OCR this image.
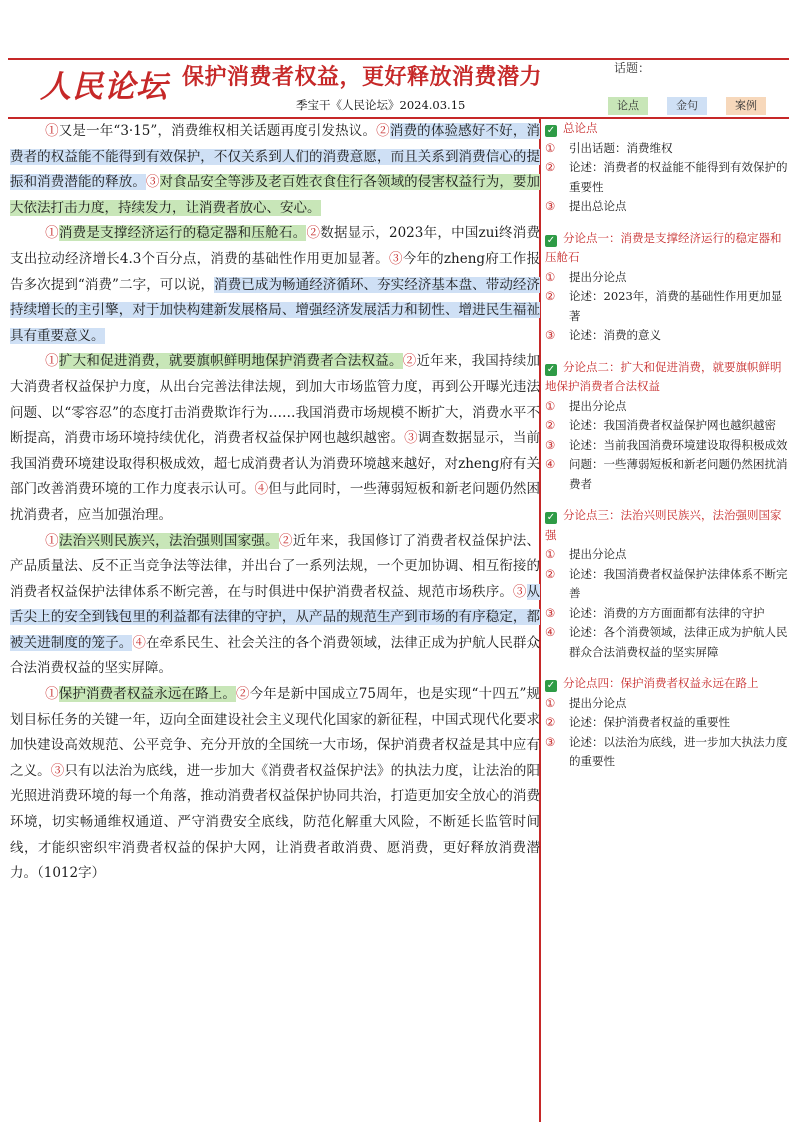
人民论坛 保护消费者权益，更好释放消费潜力
季宝干《人民论坛》2024.03.15
话题：
论点	金句	案例

①又是一年“3·15”，消费维权相关话题再度引发热议。②消费的体验感好不好，消费者的权益能不能得到有效保护，不仅关系到人们的消费意愿，而且关系到消费信心的提振和消费潜能的释放。③对食品安全等涉及老百姓衣食住行各领域的侵害权益行为，要加大依法打击力度，持续发力，让消费者放心、安心。

①消费是支撑经济运行的稳定器和压舱石。②数据显示，2023年，中国zui终消费支出拉动经济增长4.3个百分点，消费的基础性作用更加显著。③今年的zheng府工作报告多次提到“消费”二字，可以说，消费已成为畅通经济循环、夯实经济基本盘、带动经济持续增长的主引擎，对于加快构建新发展格局、增强经济发展活力和韧性、增进民生福祉具有重要意义。

①扩大和促进消费，就要旗帜鲜明地保护消费者合法权益。②近年来，我国持续加大消费者权益保护力度，从出台完善法律法规，到加大市场监管力度，再到公开曝光违法问题、以“零容忍”的态度打击消费欺诈行为……我国消费市场规模不断扩大，消费水平不断提高，消费市场环境持续优化，消费者权益保护网也越织越密。③调查数据显示，当前我国消费环境建设取得积极成效，超七成消费者认为消费环境越来越好，对zheng府有关部门改善消费环境的工作力度表示认可。④但与此同时，一些薄弱短板和新老问题仍然困扰消费者，应当加强治理。

①法治兴则民族兴，法治强则国家强。②近年来，我国修订了消费者权益保护法、产品质量法、反不正当竞争法等法律，并出台了一系列法规，一个更加协调、相互衔接的消费者权益保护法律体系不断完善，在与时俱进中保护消费者权益、规范市场秩序。③从舌尖上的安全到钱包里的利益都有法律的守护，从产品的规范生产到市场的有序稳定，都被关进制度的笼子。④在牵系民生、社会关注的各个消费领域，法律正成为护航人民群众合法消费权益的坚实屏障。

①保护消费者权益永远在路上。②今年是新中国成立75周年，也是实现“十四五”规划目标任务的关键一年，迈向全面建设社会主义现代化国家的新征程，中国式现代化要求加快建设高效规范、公平竞争、充分开放的全国统一大市场，保护消费者权益是其中应有之义。③只有以法治为底线，进一步加大《消费者权益保护法》的执法力度，让法治的阳光照进消费环境的每一个角落，推动消费者权益保护协同共治，打造更加安全放心的消费环境，切实畅通维权通道、严守消费安全底线，防范化解重大风险，不断延长监管时间线，才能织密织牢消费者权益的保护大网，让消费者敢消费、愿消费，更好释放消费潜力。（1012字）

✓ 总论点
①	引出话题：消费维权
②	论述：消费者的权益能不能得到有效保护的重要性
③	提出总论点
✓ 分论点一：消费是支撑经济运行的稳定器和压舱石
①	提出分论点
②	论述：2023年，消费的基础性作用更加显著
③	论述：消费的意义
✓ 分论点二：扩大和促进消费，就要旗帜鲜明地保护消费者合法权益
①	提出分论点
②	论述：我国消费者权益保护网也越织越密
③	论述：当前我国消费环境建设取得积极成效
④	问题：一些薄弱短板和新老问题仍然困扰消费者
✓ 分论点三：法治兴则民族兴，法治强则国家强
①	提出分论点
②	论述：我国消费者权益保护法律体系不断完善
③	论述：消费的方方面面都有法律的守护
④	论述：各个消费领域，法律正成为护航人民群众合法消费权益的坚实屏障
✓ 分论点四：保护消费者权益永远在路上
①	提出分论点
②	论述：保护消费者权益的重要性
③	论述：以法治为底线，进一步加大执法力度的重要性
